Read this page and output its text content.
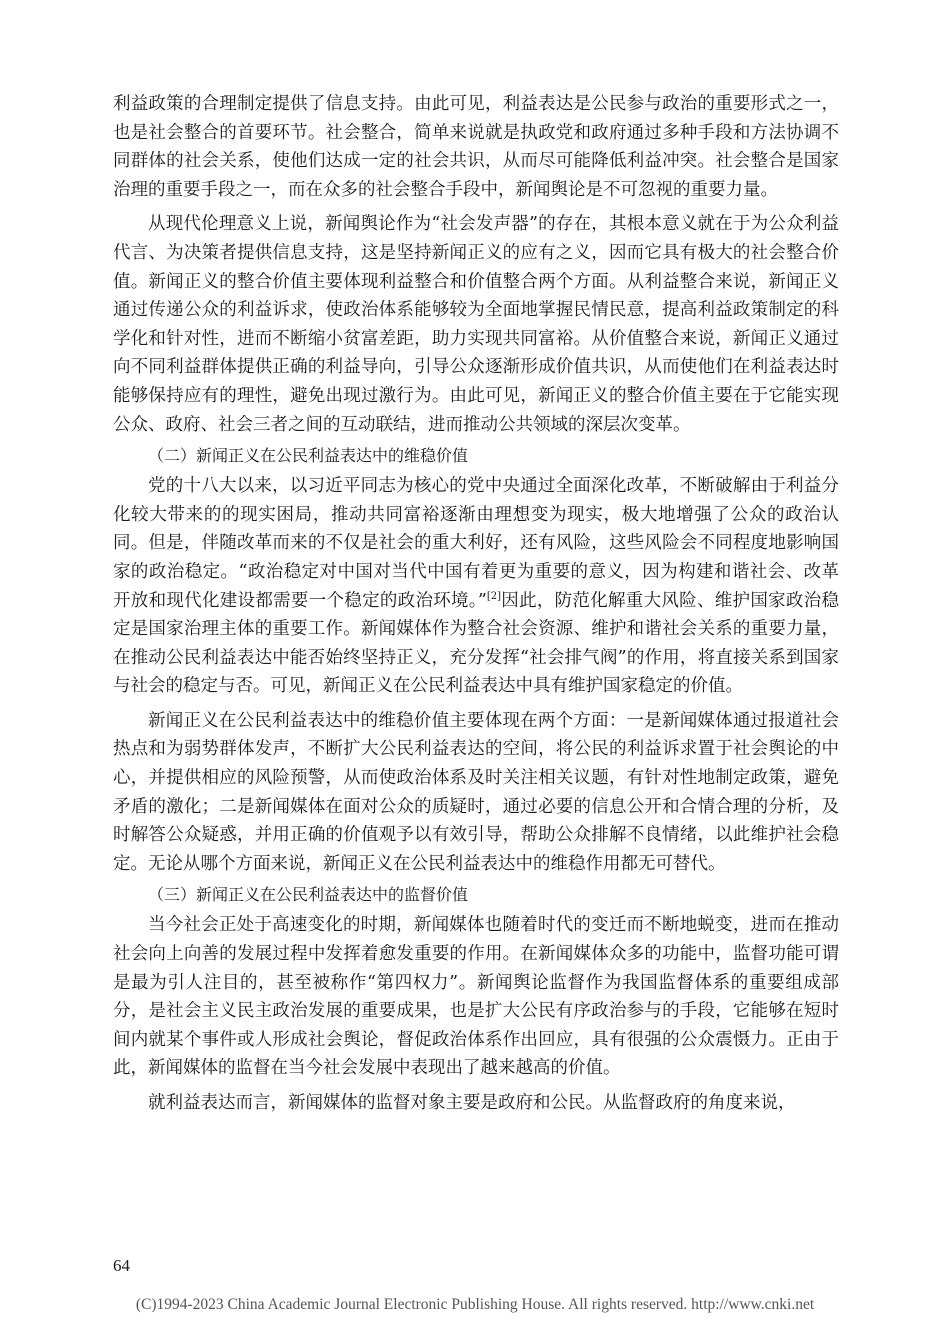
利益政策的合理制定提供了信息支持。由此可见，利益表达是公民参与政治的重要形式之一，也是社会整合的首要环节。社会整合，简单来说就是执政党和政府通过多种手段和方法协调不同群体的社会关系，使他们达成一定的社会共识，从而尽可能降低利益冲突。社会整合是国家治理的重要手段之一，而在众多的社会整合手段中，新闻舆论是不可忽视的重要力量。

从现代伦理意义上说，新闻舆论作为“社会发声器”的存在，其根本意义就在于为公众利益代言、为决策者提供信息支持，这是坚持新闻正义的应有之义，因而它具有极大的社会整合价值。新闻正义的整合价值主要体现利益整合和价值整合两个方面。从利益整合来说，新闻正义通过传递公众的利益诉求，使政治体系能够较为全面地掌握民情民意，提高利益政策制定的科学化和针对性，进而不断缩小贫富差距，助力实现共同富裕。从价值整合来说，新闻正义通过向不同利益群体提供正确的利益导向，引导公众逐渐形成价值共识，从而使他们在利益表达时能够保持应有的理性，避免出现过激行为。由此可见，新闻正义的整合价值主要在于它能实现公众、政府、社会三者之间的互动联结，进而推动公共领域的深层次变革。

（二）新闻正义在公民利益表达中的维稳价值

党的十八大以来，以习近平同志为核心的党中央通过全面深化改革，不断破解由于利益分化较大带来的的现实困局，推动共同富裕逐渐由理想变为现实，极大地增强了公众的政治认同。但是，伴随改革而来的不仅是社会的重大利好，还有风险，这些风险会不同程度地影响国家的政治稳定。“政治稳定对中国对当代中国有着更为重要的意义，因为构建和谐社会、改革开放和现代化建设都需要一个稳定的政治环境。”[2]因此，防范化解重大风险、维护国家政治稳定是国家治理主体的重要工作。新闻媒体作为整合社会资源、维护和谐社会关系的重要力量，在推动公民利益表达中能否始终坚持正义，充分发挥“社会排气阀”的作用，将直接关系到国家与社会的稳定与否。可见，新闻正义在公民利益表达中具有维护国家稳定的价值。

新闻正义在公民利益表达中的维稳价值主要体现在两个方面：一是新闻媒体通过报道社会热点和为弱势群体发声，不断扩大公民利益表达的空间，将公民的利益诉求置于社会舆论的中心，并提供相应的风险预警，从而使政治体系及时关注相关议题，有针对性地制定政策，避免矛盾的激化；二是新闻媒体在面对公众的质疑时，通过必要的信息公开和合情合理的分析，及时解答公众疑惑，并用正确的价值观予以有效引导，帮助公众排解不良情绪，以此维护社会稳定。无论从哪个方面来说，新闻正义在公民利益表达中的维稳作用都无可替代。

（三）新闻正义在公民利益表达中的监督价值

当今社会正处于高速变化的时期，新闻媒体也随着时代的变迁而不断地蜕变，进而在推动社会向上向善的发展过程中发挥着愈发重要的作用。在新闻媒体众多的功能中，监督功能可谓是最为引人注目的，甚至被称作“第四权力”。新闻舆论监督作为我国监督体系的重要组成部分，是社会主义民主政治发展的重要成果，也是扩大公民有序政治参与的手段，它能够在短时间内就某个事件或人形成社会舆论，督促政治体系作出回应，具有很强的公众震慑力。正由于此，新闻媒体的监督在当今社会发展中表现出了越来越高的价值。

就利益表达而言，新闻媒体的监督对象主要是政府和公民。从监督政府的角度来说，

64
(C)1994-2023 China Academic Journal Electronic Publishing House. All rights reserved. http://www.cnki.net
